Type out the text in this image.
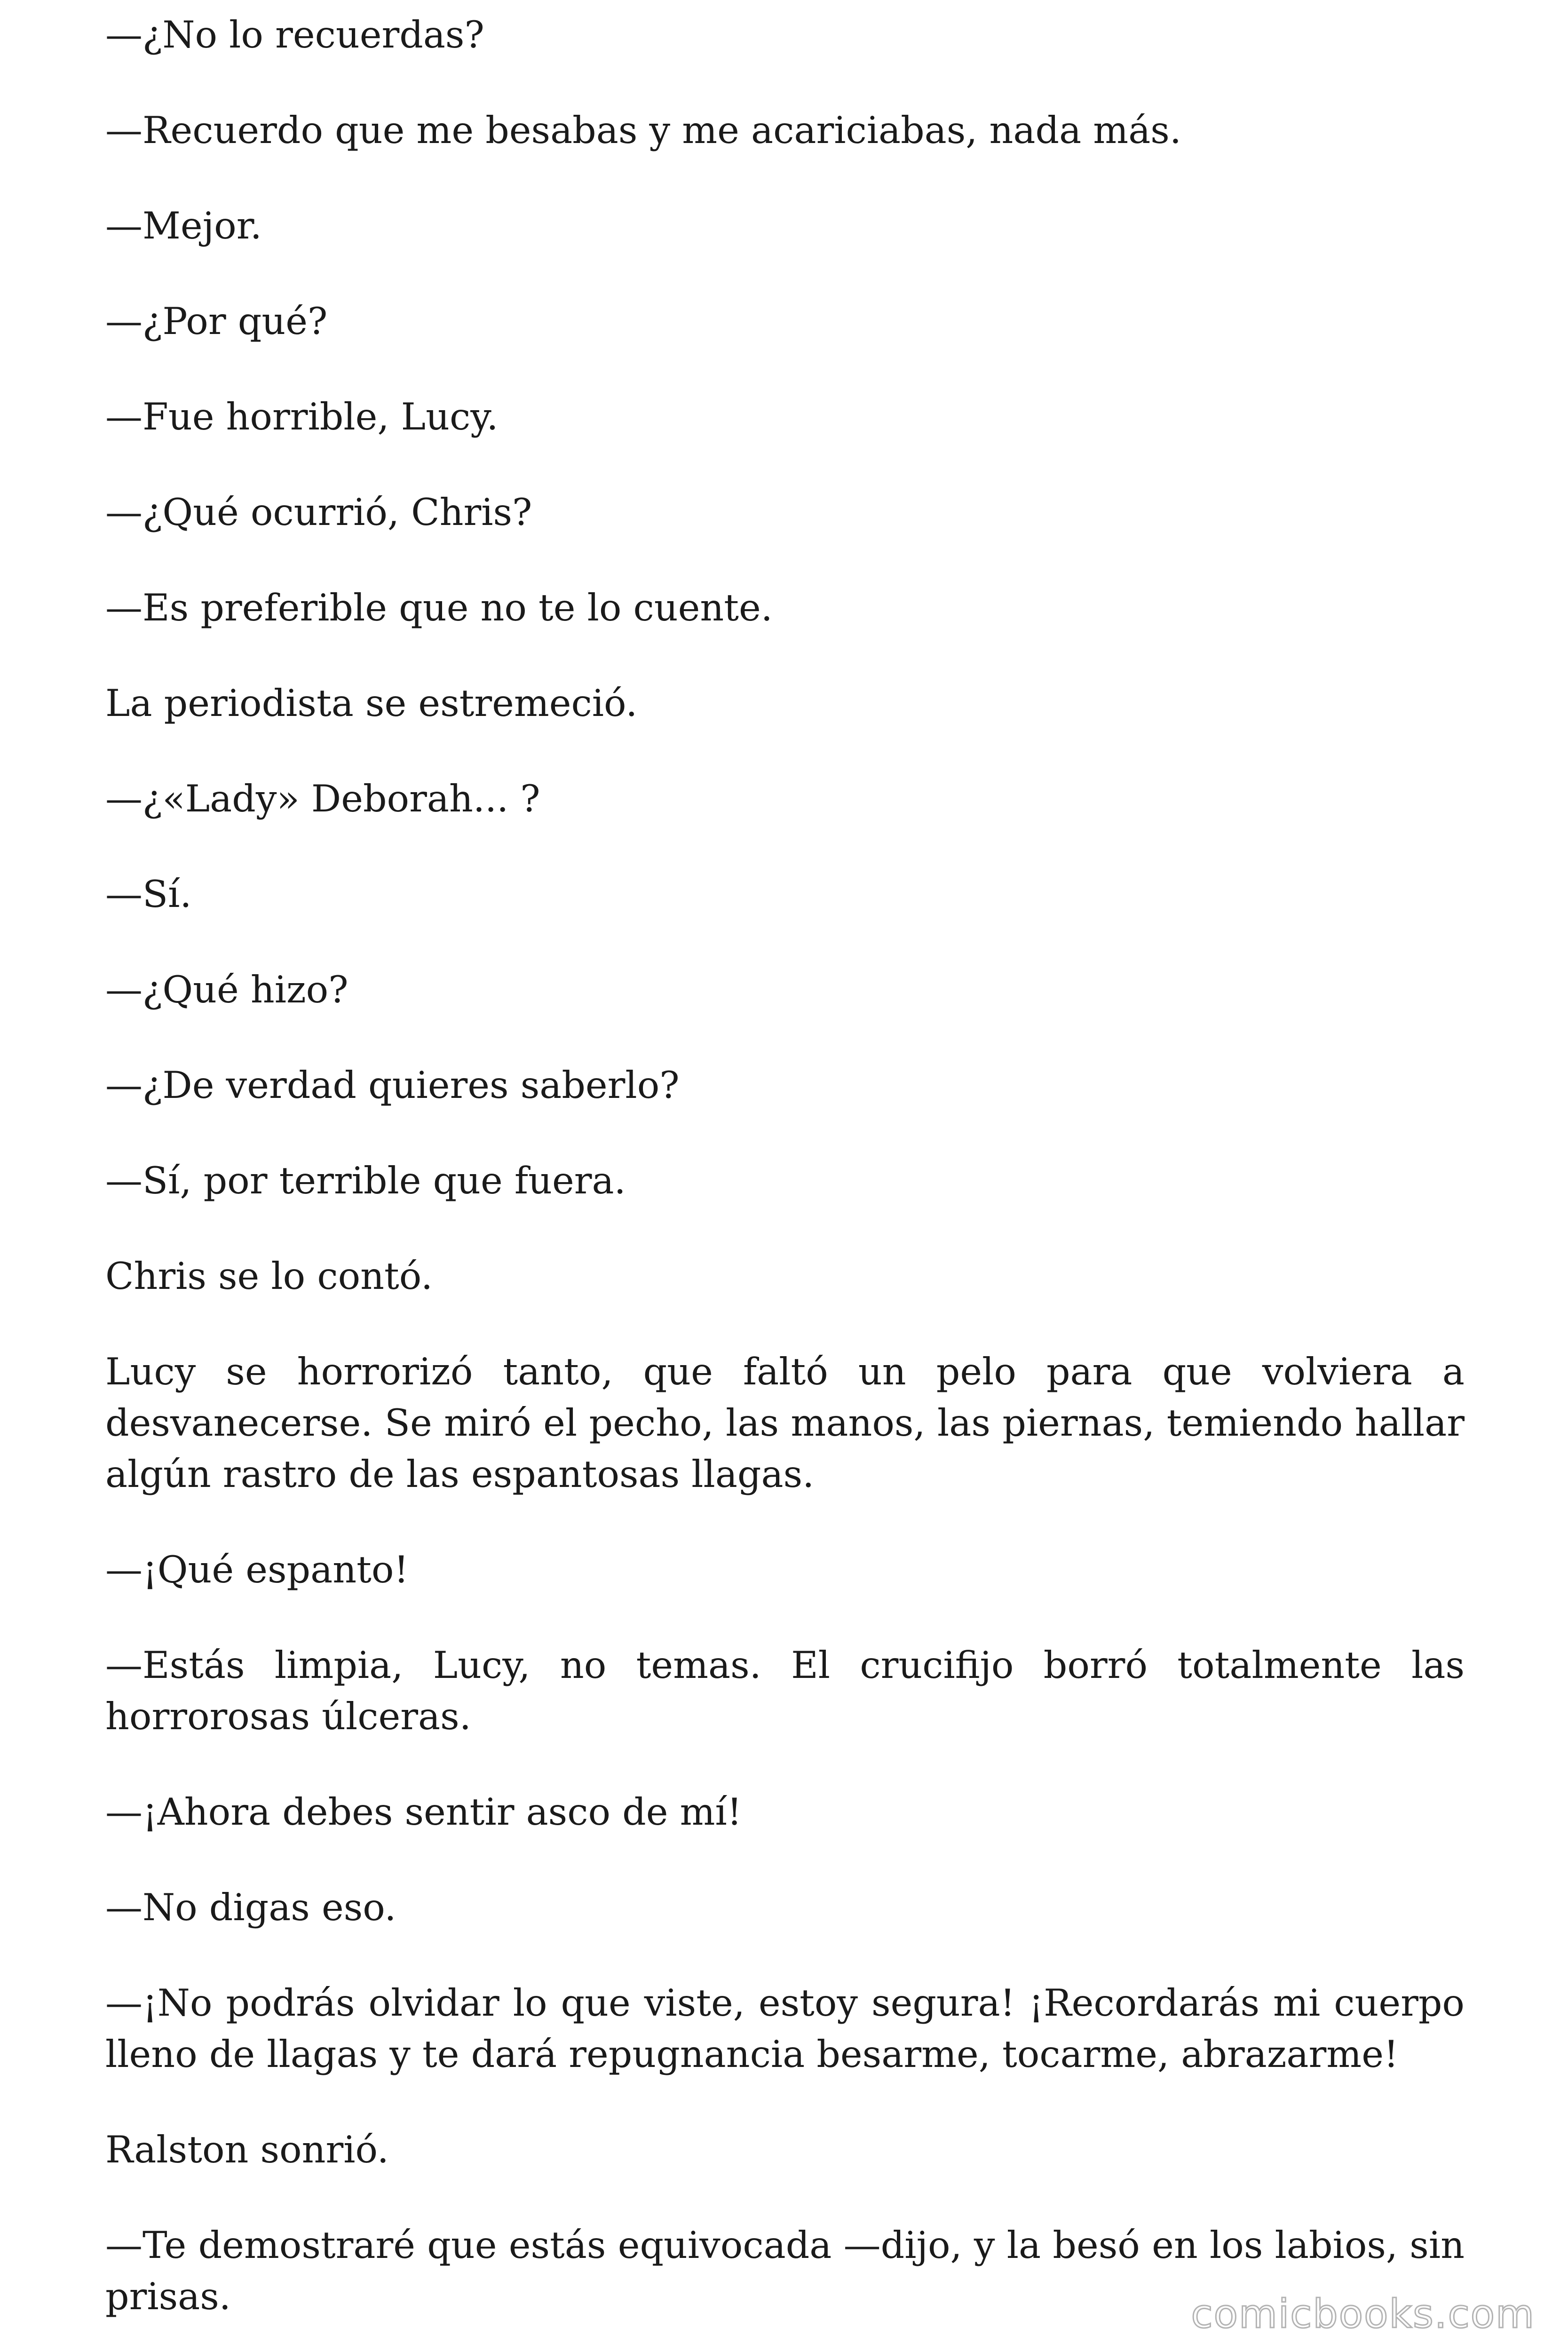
—¿No lo recuerdas?

—Recuerdo que me besabas y me acariciabas, nada más.

—Mejor.

—¿Por qué?

—Fue horrible, Lucy.

—¿Qué ocurrió, Chris?

—Es preferible que no te lo cuente.

La periodista se estremeció.

—¿«Lady» Deborah... ?

—Sí.

—¿Qué hizo?

—¿De verdad quieres saberlo?

—Sí, por terrible que fuera.

Chris se lo contó.

Lucy se horrorizó tanto, que faltó un pelo para que volviera a desvanecerse. Se miró el pecho, las manos, las piernas, temiendo hallar algún rastro de las espantosas llagas.

—¡Qué espanto!

—Estás limpia, Lucy, no temas. El crucifijo borró totalmente las horrorosas úlceras.

—¡Ahora debes sentir asco de mí!

—No digas eso.

—¡No podrás olvidar lo que viste, estoy segura! ¡Recordarás mi cuerpo lleno de llagas y te dará repugnancia besarme, tocarme, abrazarme!

Ralston sonrió.

—Te demostraré que estás equivocada —dijo, y la besó en los labios, sin prisas.	comicbooks.com
